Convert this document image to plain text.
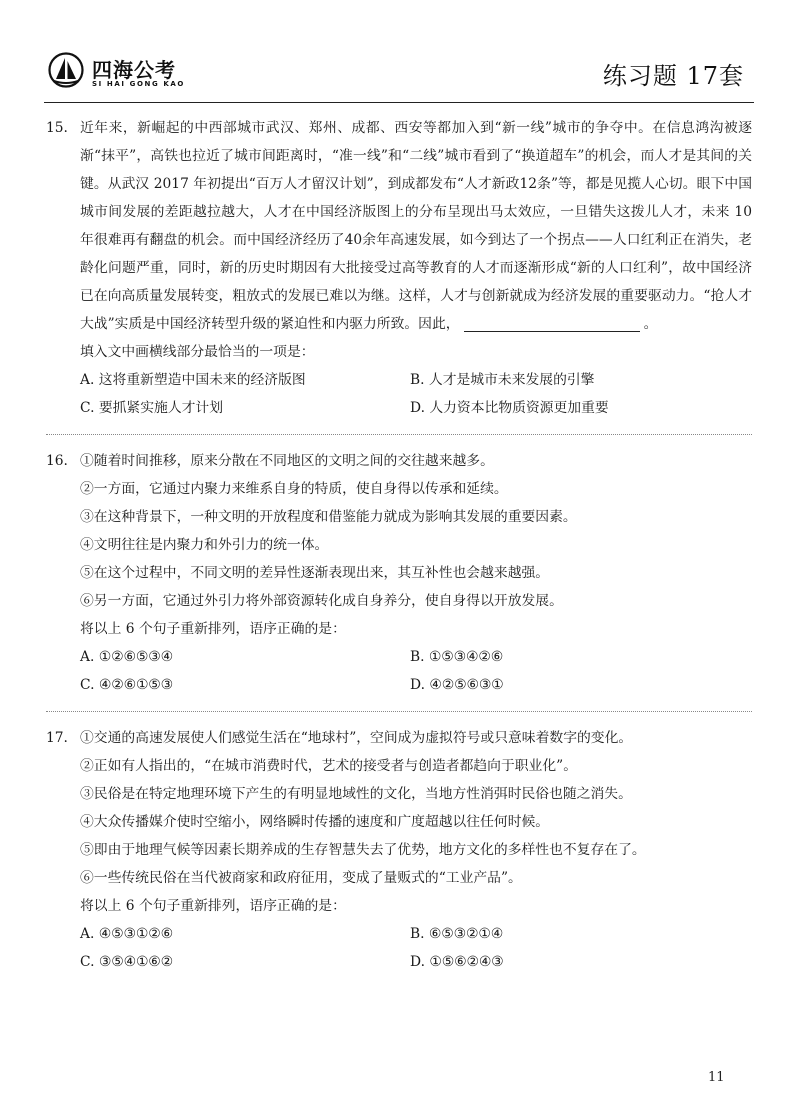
四海公考
SI HAI GONG KAO	练习题 17套
15. 近年来，新崛起的中西部城市武汉、郑州、成都、西安等都加入到“新一线”城市的争夺中。在信息鸿沟被逐渐“抹平”，高铁也拉近了城市间距离时，“准一线”和“二线”城市看到了“换道超车”的机会，而人才是其间的关键。从武汉 2017 年初提出“百万人才留汉计划”，到成都发布“人才新政12条”等，都是见揽人心切。眼下中国城市间发展的差距越拉越大，人才在中国经济版图上的分布呈现出马太效应，一旦错失这拨儿人才，未来 10 年很难再有翻盘的机会。而中国经济经历了40余年高速发展，如今到达了一个拐点——人口红利正在消失，老龄化问题严重，同时，新的历史时期因有大批接受过高等教育的人才而逐渐形成“新的人口红利”，故中国经济已在向高质量发展转变，粗放式的发展已难以为继。这样，人才与创新就成为经济发展的重要驱动力。“抢人才大战”实质是中国经济转型升级的紧迫性和内驱力所致。因此，	。

填入文中画横线部分最恰当的一项是：

A. 这将重新塑造中国未来的经济版图	B. 人才是城市未来发展的引擎

C. 要抓紧实施人才计划	D. 人力资本比物质资源更加重要

16. ①随着时间推移，原来分散在不同地区的文明之间的交往越来越多。

②一方面，它通过内聚力来维系自身的特质，使自身得以传承和延续。

③在这种背景下，一种文明的开放程度和借鉴能力就成为影响其发展的重要因素。

④文明往往是内聚力和外引力的统一体。

⑤在这个过程中，不同文明的差异性逐渐表现出来，其互补性也会越来越强。

⑥另一方面，它通过外引力将外部资源转化成自身养分，使自身得以开放发展。

将以上 6 个句子重新排列，语序正确的是：

A. ①②⑥⑤③④	B. ①⑤③④②⑥

C. ④②⑥①⑤③	D. ④②⑤⑥③①

17. ①交通的高速发展使人们感觉生活在“地球村”，空间成为虚拟符号或只意味着数字的变化。

②正如有人指出的，“在城市消费时代，艺术的接受者与创造者都趋向于职业化”。

③民俗是在特定地理环境下产生的有明显地域性的文化，当地方性消弭时民俗也随之消失。

④大众传播媒介使时空缩小，网络瞬时传播的速度和广度超越以往任何时候。

⑤即由于地理气候等因素长期养成的生存智慧失去了优势，地方文化的多样性也不复存在了。

⑥一些传统民俗在当代被商家和政府征用，变成了量贩式的“工业产品”。

将以上 6 个句子重新排列，语序正确的是：

A. ④⑤③①②⑥	B. ⑥⑤③②①④

C. ③⑤④①⑥②	D. ①⑤⑥②④③

11
